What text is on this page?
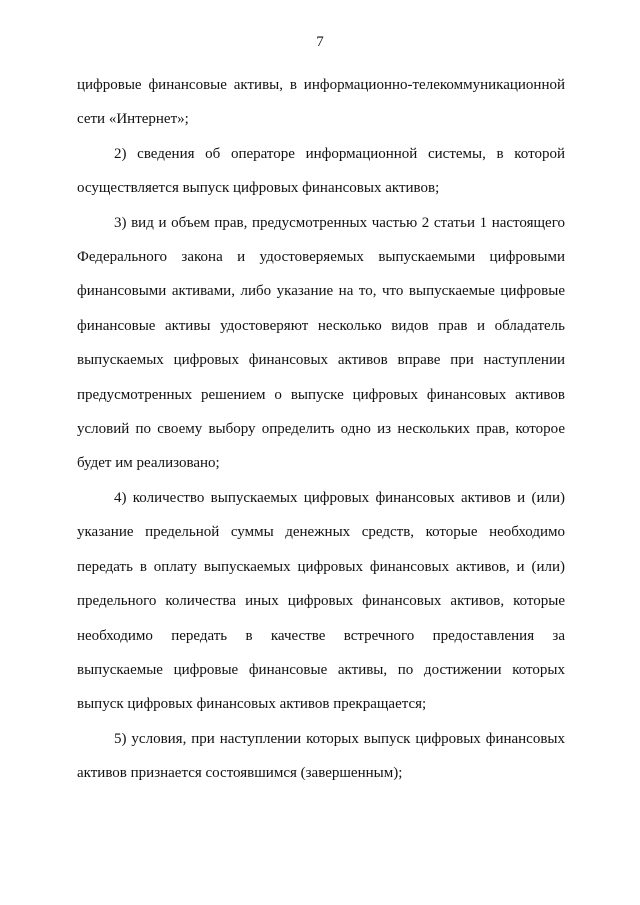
7

цифровые финансовые активы, в информационно-телекоммуникационной сети «Интернет»;

2) сведения об операторе информационной системы, в которой осуществляется выпуск цифровых финансовых активов;

3) вид и объем прав, предусмотренных частью 2 статьи 1 настоящего Федерального закона и удостоверяемых выпускаемыми цифровыми финансовыми активами, либо указание на то, что выпускаемые цифровые финансовые активы удостоверяют несколько видов прав и обладатель выпускаемых цифровых финансовых активов вправе при наступлении предусмотренных решением о выпуске цифровых финансовых активов условий по своему выбору определить одно из нескольких прав, которое будет им реализовано;

4) количество выпускаемых цифровых финансовых активов и (или) указание предельной суммы денежных средств, которые необходимо передать в оплату выпускаемых цифровых финансовых активов, и (или) предельного количества иных цифровых финансовых активов, которые необходимо передать в качестве встречного предоставления за выпускаемые цифровые финансовые активы, по достижении которых выпуск цифровых финансовых активов прекращается;

5) условия, при наступлении которых выпуск цифровых финансовых активов признается состоявшимся (завершенным);
